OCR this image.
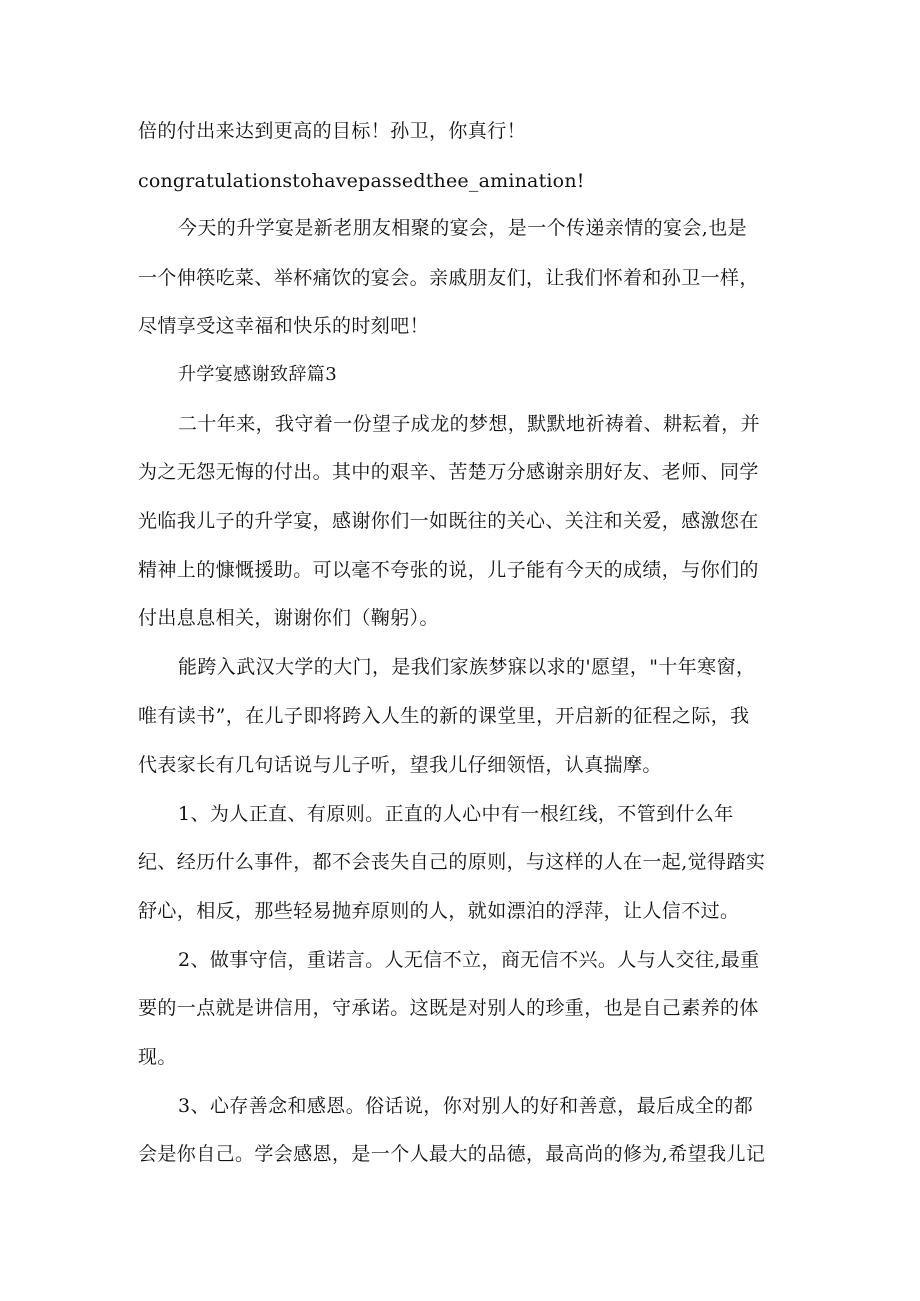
倍的付出来达到更高的目标！孙卫，你真行！
congratulationstohavepassedthee_amination!
今天的升学宴是新老朋友相聚的宴会，是一个传递亲情的宴会,也是
一个伸筷吃菜、举杯痛饮的宴会。亲戚朋友们，让我们怀着和孙卫一样，
尽情享受这幸福和快乐的时刻吧！
升学宴感谢致辞篇3
二十年来，我守着一份望子成龙的梦想，默默地祈祷着、耕耘着，并
为之无怨无悔的付出。其中的艰辛、苦楚万分感谢亲朋好友、老师、同学
光临我儿子的升学宴，感谢你们一如既往的关心、关注和关爱，感激您在
精神上的慷慨援助。可以毫不夸张的说，儿子能有今天的成绩，与你们的
付出息息相关，谢谢你们（鞠躬）。
能跨入武汉大学的大门，是我们家族梦寐以求的'愿望，"十年寒窗，
唯有读书”，在儿子即将跨入人生的新的课堂里，开启新的征程之际，我
代表家长有几句话说与儿子听，望我儿仔细领悟，认真揣摩。
1、为人正直、有原则。正直的人心中有一根红线，不管到什么年
纪、经历什么事件，都不会丧失自己的原则，与这样的人在一起,觉得踏实
舒心，相反，那些轻易抛弃原则的人，就如漂泊的浮萍，让人信不过。
2、做事守信，重诺言。人无信不立，商无信不兴。人与人交往,最重
要的一点就是讲信用，守承诺。这既是对别人的珍重，也是自己素养的体
现。
3、心存善念和感恩。俗话说，你对别人的好和善意，最后成全的都
会是你自己。学会感恩，是一个人最大的品德，最高尚的修为,希望我儿记
